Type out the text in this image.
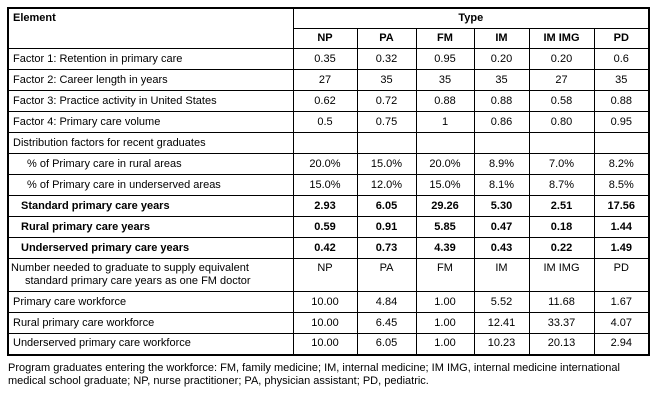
Element	Type					
	NP	PA	FM	IM	IM IMG	PD
Factor 1: Retention in primary care	0.35	0.32	0.95	0.20	0.20	0.6
Factor 2: Career length in years	27	35	35	35	27	35
Factor 3: Practice activity in United States	0.62	0.72	0.88	0.88	0.58	0.88
Factor 4: Primary care volume	0.5	0.75	1	0.86	0.80	0.95
Distribution factors for recent graduates						
% of Primary care in rural areas	20.0%	15.0%	20.0%	8.9%	7.0%	8.2%
% of Primary care in underserved areas	15.0%	12.0%	15.0%	8.1%	8.7%	8.5%
Standard primary care years	2.93	6.05	29.26	5.30	2.51	17.56
Rural primary care years	0.59	0.91	5.85	0.47	0.18	1.44
Underserved primary care years	0.42	0.73	4.39	0.43	0.22	1.49
Number needed to graduate to supply equivalent standard primary care years as one FM doctor	NP	PA	FM	IM	IM IMG	PD
Primary care workforce	10.00	4.84	1.00	5.52	11.68	1.67
Rural primary care workforce	10.00	6.45	1.00	12.41	33.37	4.07
Underserved primary care workforce	10.00	6.05	1.00	10.23	20.13	2.94

Program graduates entering the workforce: FM, family medicine; IM, internal medicine; IM IMG, internal medicine international medical school graduate; NP, nurse practitioner; PA, physician assistant; PD, pediatric.
